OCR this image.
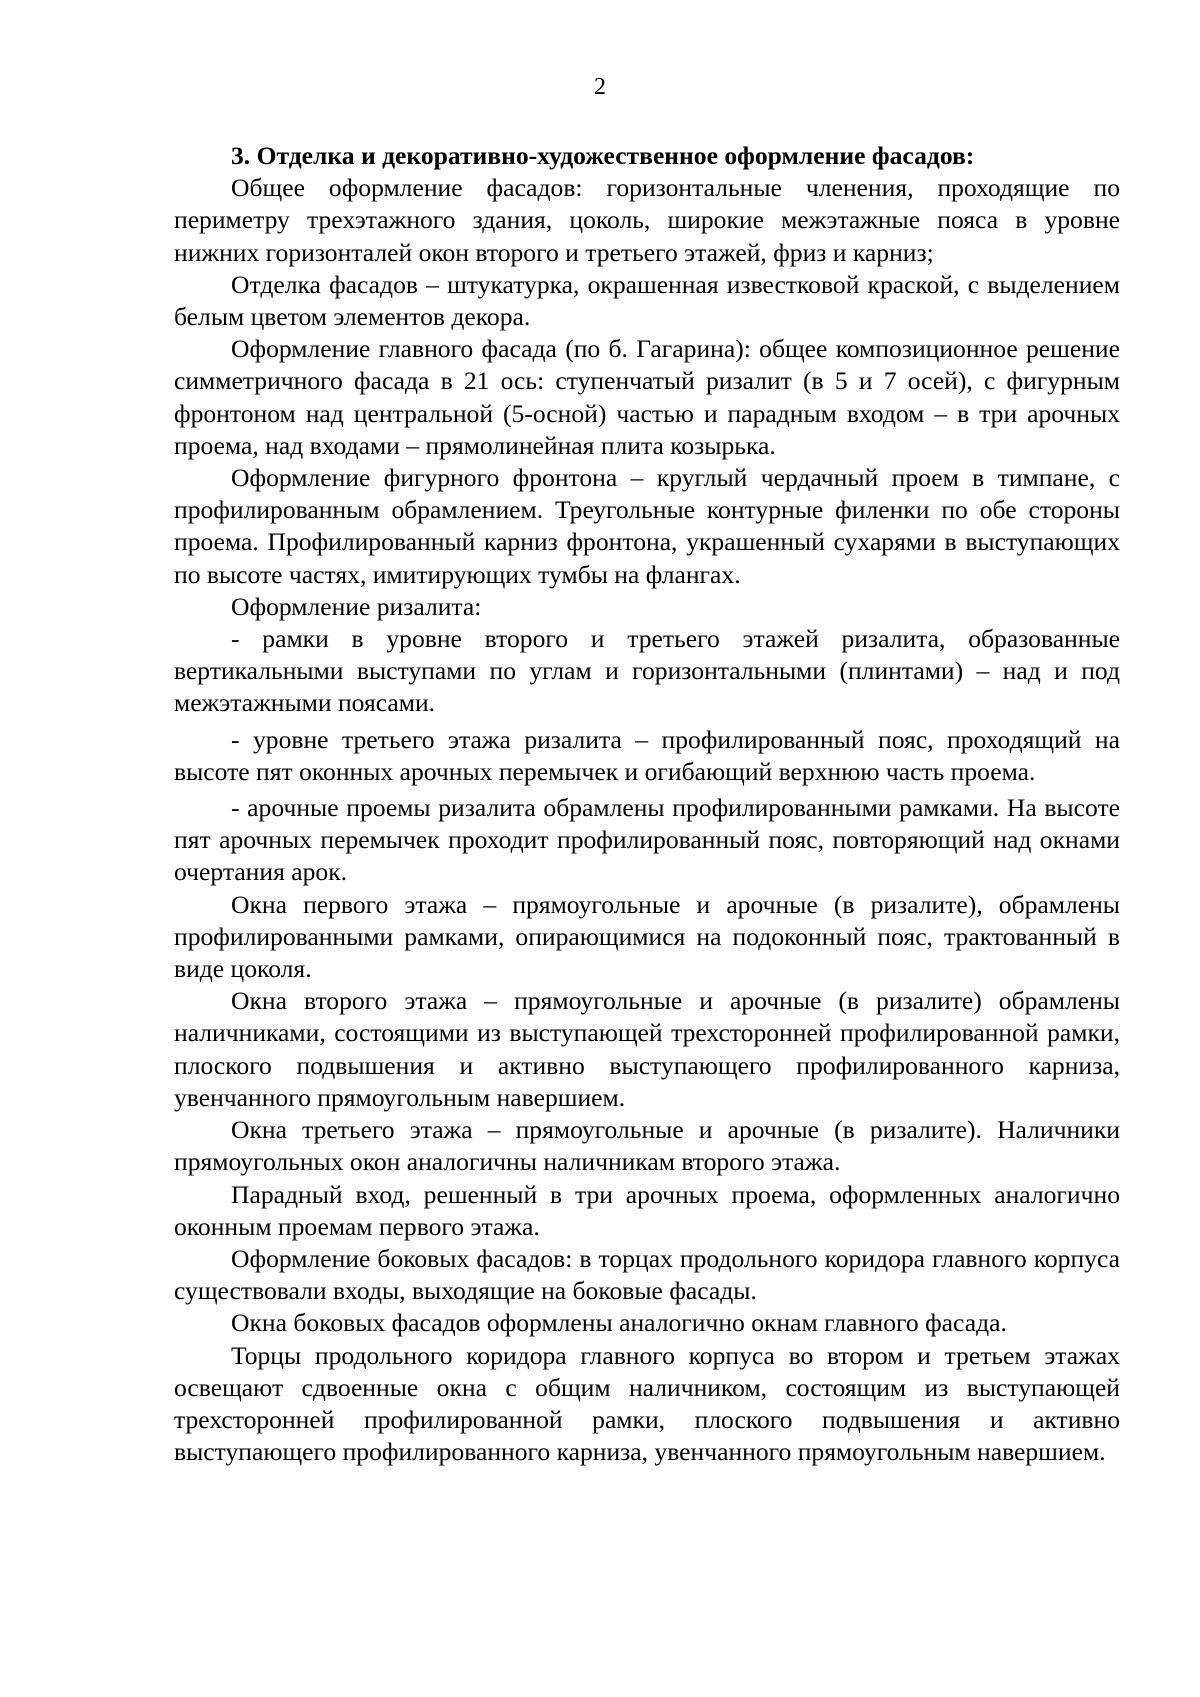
2

3. Отделка и декоративно-художественное оформление фасадов:

Общее оформление фасадов: горизонтальные членения, проходящие по периметру трехэтажного здания, цоколь, широкие межэтажные пояса в уровне нижних горизонталей окон второго и третьего этажей, фриз и карниз;

Отделка фасадов – штукатурка, окрашенная известковой краской, с выделением белым цветом элементов декора.

Оформление главного фасада (по б. Гагарина): общее композиционное решение симметричного фасада в 21 ось: ступенчатый ризалит (в 5 и 7 осей), с фигурным фронтоном над центральной (5-осной) частью и парадным входом – в три арочных проема, над входами – прямолинейная плита козырька.

Оформление фигурного фронтона – круглый чердачный проем в тимпане, с профилированным обрамлением. Треугольные контурные филенки по обе стороны проема. Профилированный карниз фронтона, украшенный сухарями в выступающих по высоте частях, имитирующих тумбы на флангах.

Оформление ризалита:

- рамки в уровне второго и третьего этажей ризалита, образованные вертикальными выступами по углам и горизонтальными (плинтами) – над и под межэтажными поясами.

- уровне третьего этажа ризалита – профилированный пояс, проходящий на высоте пят оконных арочных перемычек и огибающий верхнюю часть проема.

- арочные проемы ризалита обрамлены профилированными рамками. На высоте пят арочных перемычек проходит профилированный пояс, повторяющий над окнами очертания арок.

Окна первого этажа – прямоугольные и арочные (в ризалите), обрамлены профилированными рамками, опирающимися на подоконный пояс, трактованный в виде цоколя.

Окна второго этажа – прямоугольные и арочные (в ризалите) обрамлены наличниками, состоящими из выступающей трехсторонней профилированной рамки, плоского подвышения и активно выступающего профилированного карниза, увенчанного прямоугольным навершием.

Окна третьего этажа – прямоугольные и арочные (в ризалите). Наличники прямоугольных окон аналогичны наличникам второго этажа.

Парадный вход, решенный в три арочных проема, оформленных аналогично оконным проемам первого этажа.

Оформление боковых фасадов: в торцах продольного коридора главного корпуса существовали входы, выходящие на боковые фасады.

Окна боковых фасадов оформлены аналогично окнам главного фасада.

Торцы продольного коридора главного корпуса во втором и третьем этажах освещают сдвоенные окна с общим наличником, состоящим из выступающей трехсторонней профилированной рамки, плоского подвышения и активно выступающего профилированного карниза, увенчанного прямоугольным навершием.
